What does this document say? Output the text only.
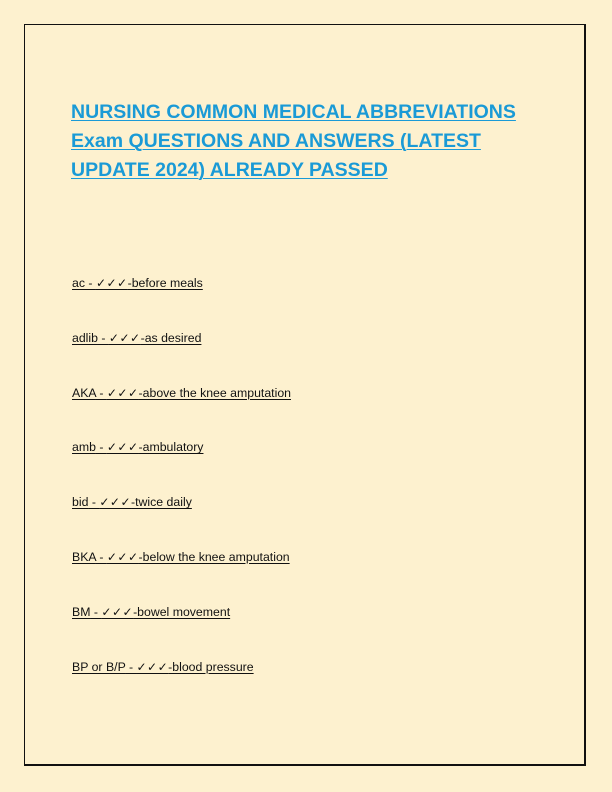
NURSING COMMON MEDICAL ABBREVIATIONS Exam QUESTIONS AND ANSWERS (LATEST UPDATE 2024) ALREADY PASSED
ac - ✓✓✓-before meals
adlib - ✓✓✓-as desired
AKA - ✓✓✓-above the knee amputation
amb - ✓✓✓-ambulatory
bid - ✓✓✓-twice daily
BKA - ✓✓✓-below the knee amputation
BM - ✓✓✓-bowel movement
BP or B/P - ✓✓✓-blood pressure
